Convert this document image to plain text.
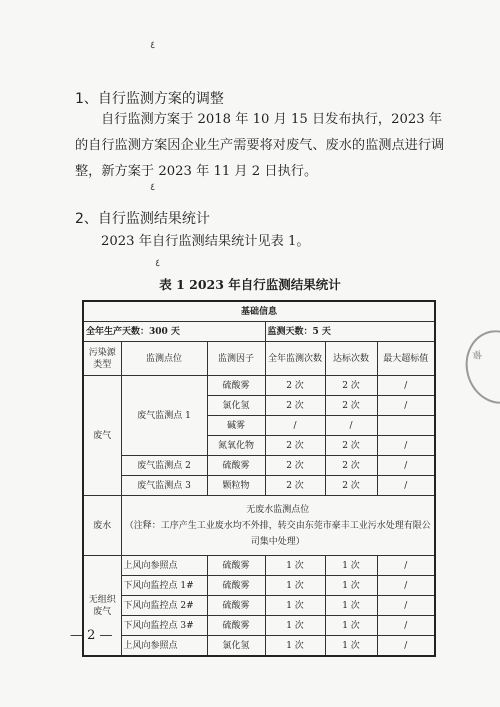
٤
٤
٤
專
1、自行监测方案的调整
自行监测方案于 2018 年 10 月 15 日发布执行，2023 年的自行监测方案因企业生产需要将对废气、废水的监测点进行调整，新方案于 2023 年 11 月 2 日执行。
2、自行监测结果统计
2023 年自行监测结果统计见表 1。
表 1 2023 年自行监测结果统计
基础信息					
全年生产天数：300 天			监测天数：5 天		
污染源类型	监测点位	监测因子	全年监测次数	达标次数	最大超标值
废气	废气监测点 1	硫酸雾	2 次	2 次	/
		氯化氢	2 次	2 次	/
		碱雾	/	/	
		氮氧化物	2 次	2 次	/
	废气监测点 2	硫酸雾	2 次	2 次	/
	废气监测点 3	颗粒物	2 次	2 次	/
废水	无废水监测点位
（注释：工序产生工业废水均不外排，转交由东莞市豪丰工业污水处理有限公司集中处理）				

无组织废气	上风向参照点	硫酸雾	1 次	1 次	/
	下风向监控点 1#	硫酸雾	1 次	1 次	/
	下风向监控点 2#	硫酸雾	1 次	1 次	/
	下风向监控点 3#	硫酸雾	1 次	1 次	/
	上风向参照点	氯化氢	1 次	1 次	/
— 2 —
